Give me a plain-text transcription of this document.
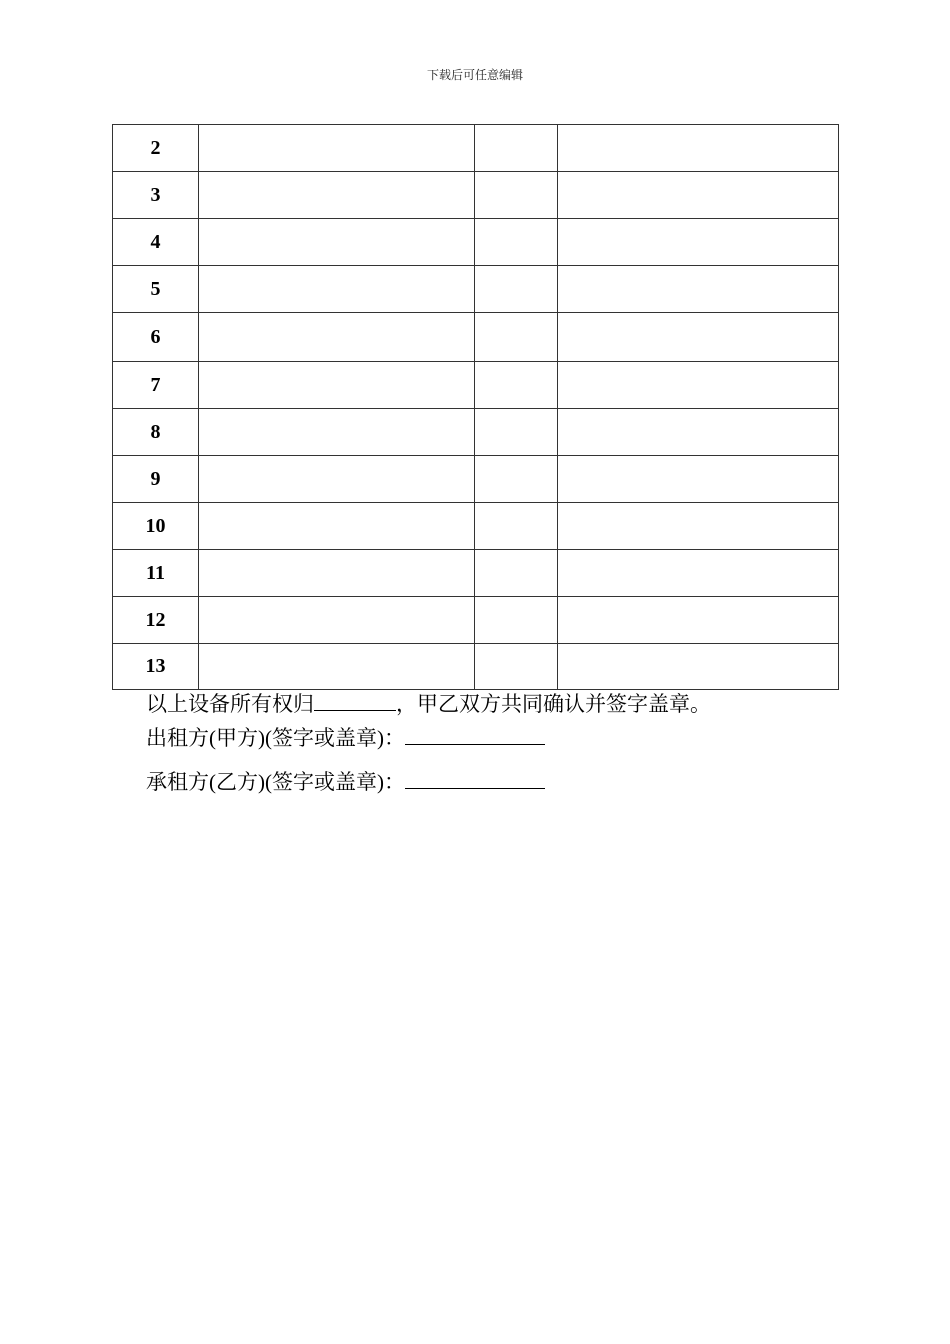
下载后可任意编辑
2			
3			
4			
5			
6			
7			
8			
9			
10			
11			
12			
13			
以上设备所有权归	，甲乙双方共同确认并签字盖章。
出租方(甲方)(签字或盖章)：
承租方(乙方)(签字或盖章)：
